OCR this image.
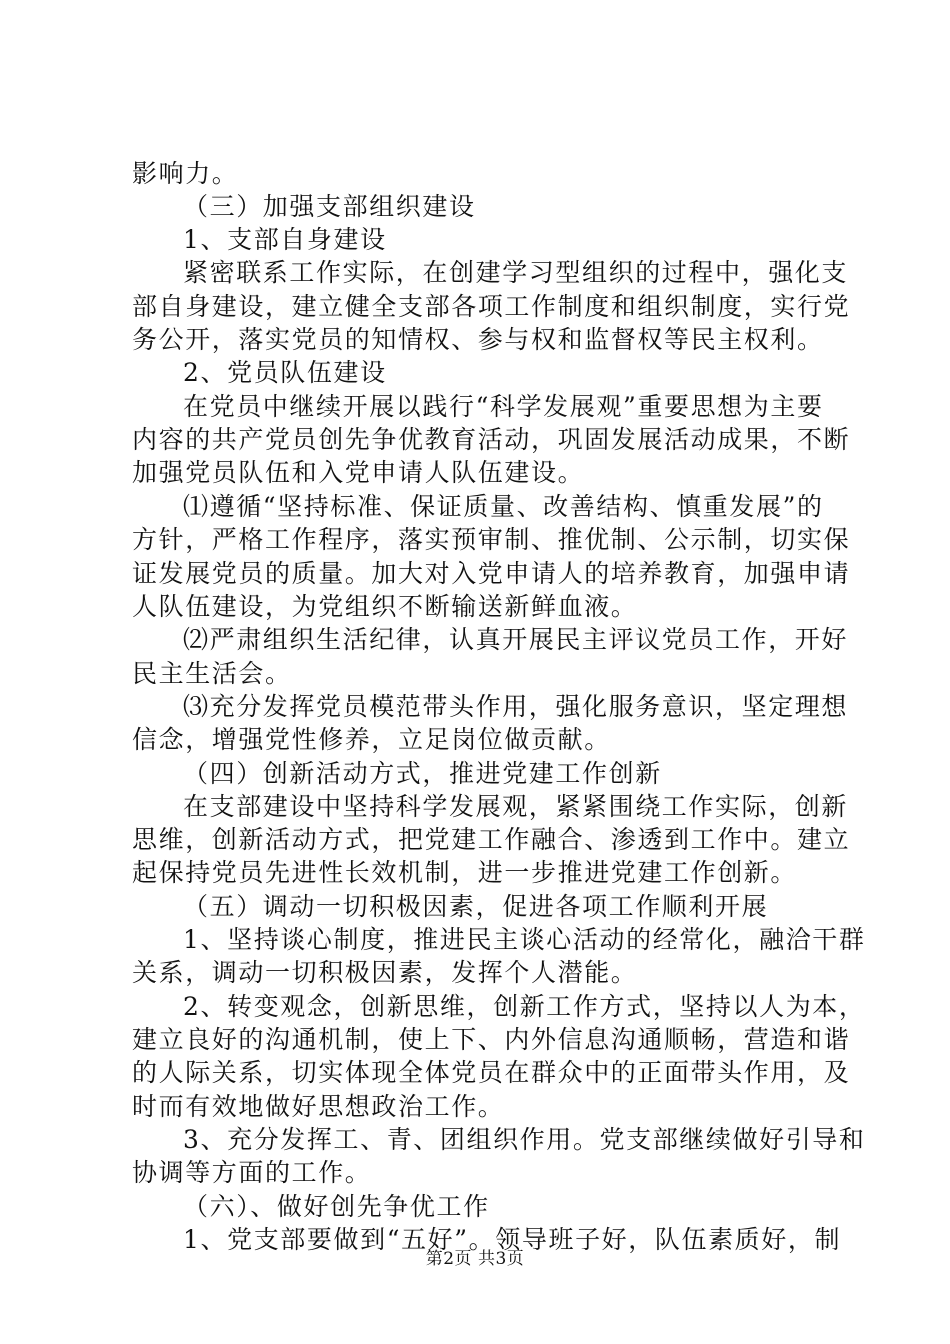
影响力。
（三）加强支部组织建设
1、支部自身建设
紧密联系工作实际，在创建学习型组织的过程中，强化支
部自身建设，建立健全支部各项工作制度和组织制度，实行党
务公开，落实党员的知情权、参与权和监督权等民主权利。
2、党员队伍建设
在党员中继续开展以践行“科学发展观”重要思想为主要
内容的共产党员创先争优教育活动，巩固发展活动成果，不断
加强党员队伍和入党申请人队伍建设。
⑴遵循“坚持标准、保证质量、改善结构、慎重发展”的
方针，严格工作程序，落实预审制、推优制、公示制，切实保
证发展党员的质量。加大对入党申请人的培养教育，加强申请
人队伍建设，为党组织不断输送新鲜血液。
⑵严肃组织生活纪律，认真开展民主评议党员工作，开好
民主生活会。
⑶充分发挥党员模范带头作用，强化服务意识，坚定理想
信念，增强党性修养，立足岗位做贡献。
（四）创新活动方式，推进党建工作创新
在支部建设中坚持科学发展观，紧紧围绕工作实际，创新
思维，创新活动方式，把党建工作融合、渗透到工作中。建立
起保持党员先进性长效机制，进一步推进党建工作创新。
（五）调动一切积极因素，促进各项工作顺利开展
1、坚持谈心制度，推进民主谈心活动的经常化，融洽干群
关系，调动一切积极因素，发挥个人潜能。
2、转变观念，创新思维，创新工作方式，坚持以人为本，
建立良好的沟通机制，使上下、内外信息沟通顺畅，营造和谐
的人际关系，切实体现全体党员在群众中的正面带头作用，及
时而有效地做好思想政治工作。
3、充分发挥工、青、团组织作用。党支部继续做好引导和
协调等方面的工作。
（六）、做好创先争优工作
1、党支部要做到“五好”。领导班子好，队伍素质好，制
第2页 共3页
